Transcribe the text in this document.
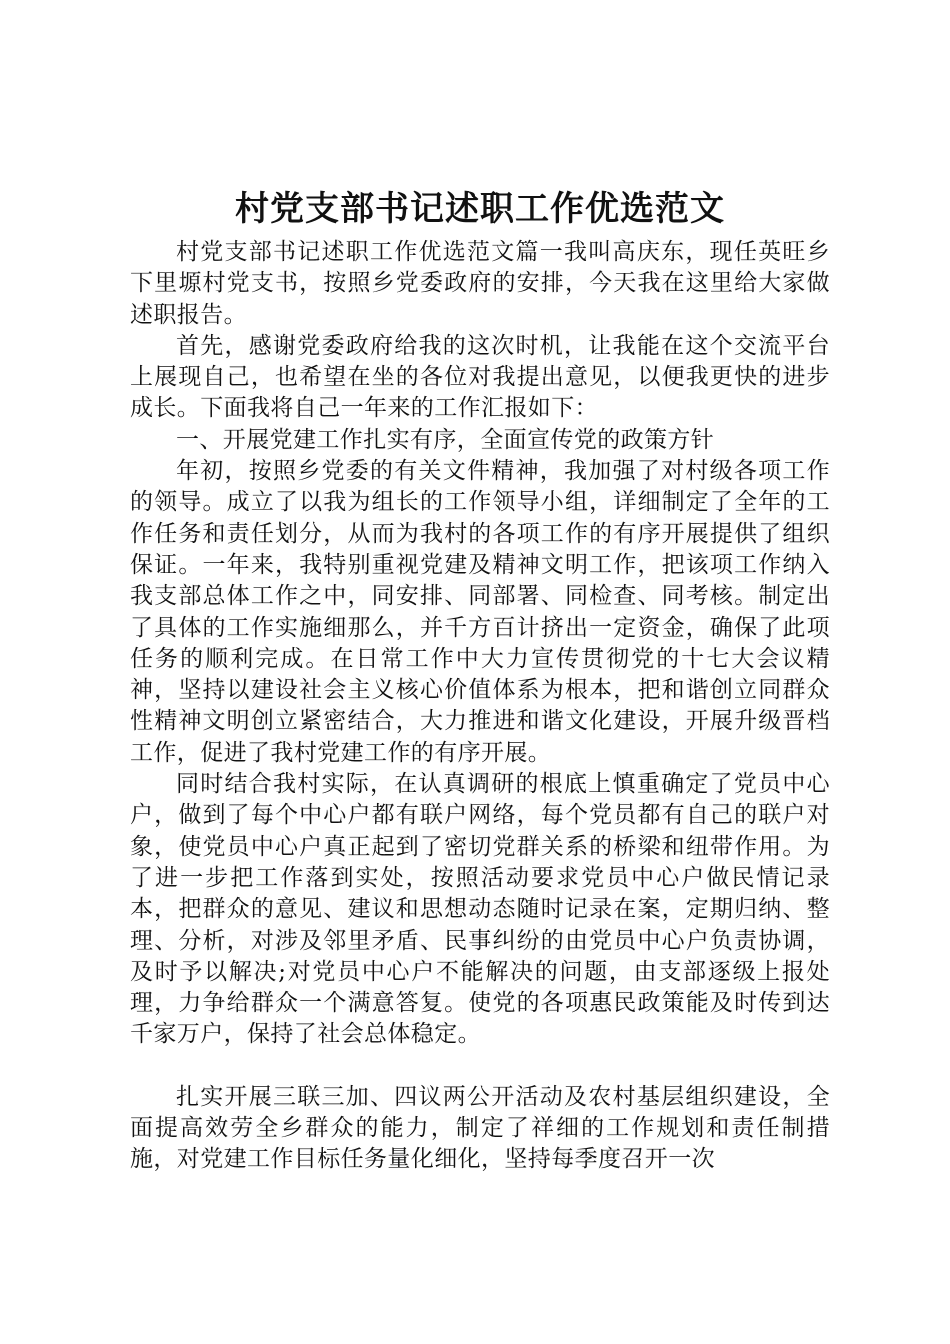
村党支部书记述职工作优选范文

村党支部书记述职工作优选范文篇一我叫高庆东，现任英旺乡下里塬村党支书，按照乡党委政府的安排，今天我在这里给大家做述职报告。

首先，感谢党委政府给我的这次时机，让我能在这个交流平台上展现自己，也希望在坐的各位对我提出意见，以便我更快的进步成长。下面我将自己一年来的工作汇报如下：

一、开展党建工作扎实有序，全面宣传党的政策方针

年初，按照乡党委的有关文件精神，我加强了对村级各项工作的领导。成立了以我为组长的工作领导小组，详细制定了全年的工作任务和责任划分，从而为我村的各项工作的有序开展提供了组织保证。一年来，我特别重视党建及精神文明工作，把该项工作纳入我支部总体工作之中，同安排、同部署、同检查、同考核。制定出了具体的工作实施细那么，并千方百计挤出一定资金，确保了此项任务的顺利完成。在日常工作中大力宣传贯彻党的十七大会议精神，坚持以建设社会主义核心价值体系为根本，把和谐创立同群众性精神文明创立紧密结合，大力推进和谐文化建设，开展升级晋档工作，促进了我村党建工作的有序开展。

同时结合我村实际，在认真调研的根底上慎重确定了党员中心户，做到了每个中心户都有联户网络，每个党员都有自己的联户对象，使党员中心户真正起到了密切党群关系的桥梁和纽带作用。为了进一步把工作落到实处，按照活动要求党员中心户做民情记录本，把群众的意见、建议和思想动态随时记录在案，定期归纳、整理、分析，对涉及邻里矛盾、民事纠纷的由党员中心户负责协调，及时予以解决;对党员中心户不能解决的问题，由支部逐级上报处理，力争给群众一个满意答复。使党的各项惠民政策能及时传到达千家万户，保持了社会总体稳定。

扎实开展三联三加、四议两公开活动及农村基层组织建设，全面提高效劳全乡群众的能力，制定了祥细的工作规划和责任制措施，对党建工作目标任务量化细化，坚持每季度召开一次
